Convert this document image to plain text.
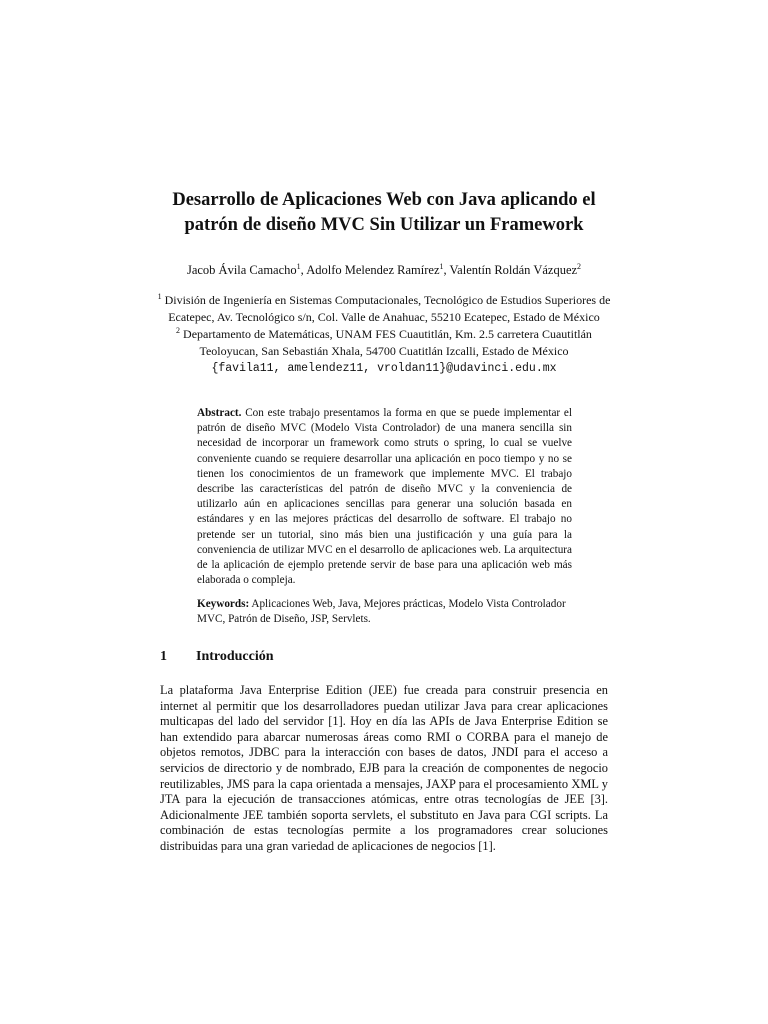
Desarrollo de Aplicaciones Web con Java aplicando el
patrón de diseño MVC Sin Utilizar un Framework
Jacob Ávila Camacho$^1$, Adolfo Melendez Ramírez$^1$, Valentín Roldán Vázquez$^2$
$^1$ División de Ingeniería en Sistemas Computacionales, Tecnológico de Estudios Superiores de
Ecatepec, Av. Tecnológico s/n, Col. Valle de Anahuac, 55210 Ecatepec, Estado de México
$^2$ Departamento de Matemáticas, UNAM FES Cuautitlán, Km. 2.5 carretera Cuautitlán
Teoloyucan, San Sebastián Xhala, 54700 Cuatitlán Izcalli, Estado de México
{favila11, amelendez11, vroldan11}@udavinci.edu.mx
Abstract. Con este trabajo presentamos la forma en que se puede implementar el patrón de diseño MVC (Modelo Vista Controlador) de una manera sencilla sin necesidad de incorporar un framework como struts o spring, lo cual se vuelve conveniente cuando se requiere desarrollar una aplicación en poco tiempo y no se tienen los conocimientos de un framework que implemente MVC. El trabajo describe las características del patrón de diseño MVC y la conveniencia de utilizarlo aún en aplicaciones sencillas para generar una solución basada en estándares y en las mejores prácticas del desarrollo de software. El trabajo no pretende ser un tutorial, sino más bien una justificación y una guía para la conveniencia de utilizar MVC en el desarrollo de aplicaciones web. La arquitectura de la aplicación de ejemplo pretende servir de base para una aplicación web más elaborada o compleja.
Keywords: Aplicaciones Web, Java, Mejores prácticas, Modelo Vista Controlador MVC, Patrón de Diseño, JSP, Servlets.
1 Introducción
La plataforma Java Enterprise Edition (JEE) fue creada para construir presencia en internet al permitir que los desarrolladores puedan utilizar Java para crear aplicaciones multicapas del lado del servidor [1]. Hoy en día las APIs de Java Enterprise Edition se han extendido para abarcar numerosas áreas como RMI o CORBA para el manejo de objetos remotos, JDBC para la interacción con bases de datos, JNDI para el acceso a servicios de directorio y de nombrado, EJB para la creación de componentes de negocio reutilizables, JMS para la capa orientada a mensajes, JAXP para el procesamiento XML y JTA para la ejecución de transacciones atómicas, entre otras tecnologías de JEE [3]. Adicionalmente JEE también soporta servlets, el substituto en Java para CGI scripts. La combinación de estas tecnologías permite a los programadores crear soluciones distribuidas para una gran variedad de aplicaciones de negocios [1].
